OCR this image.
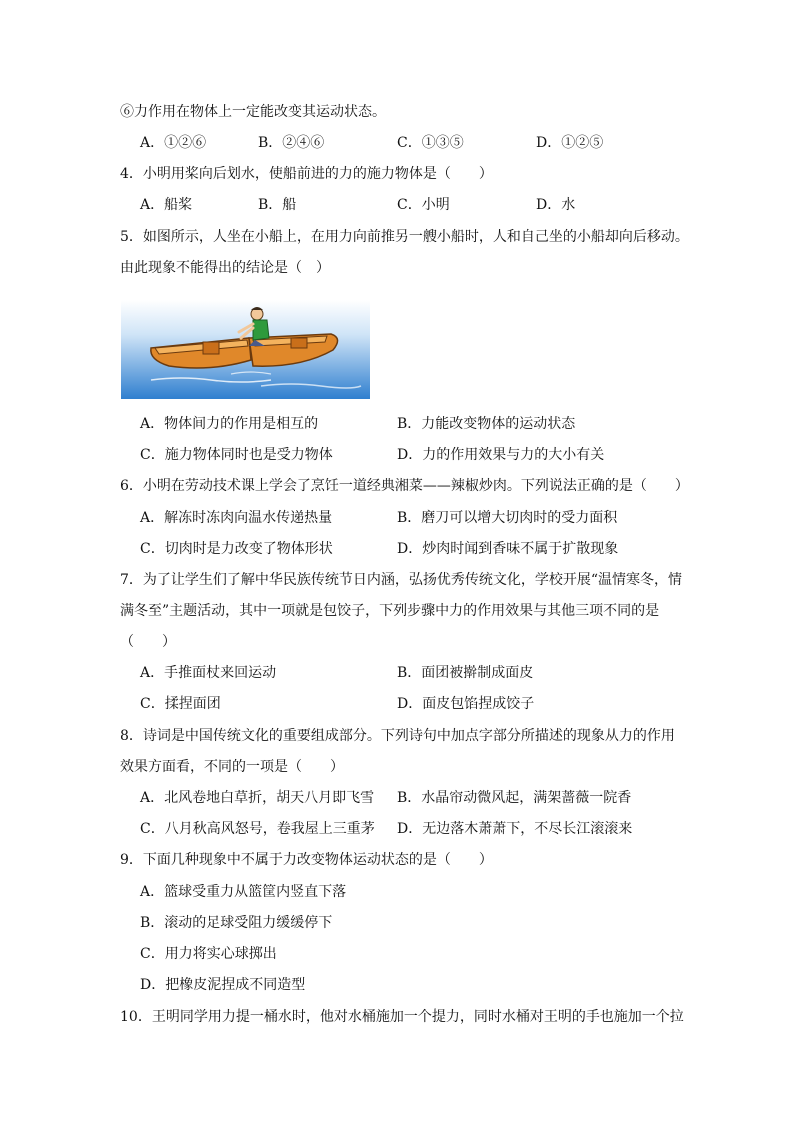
⑥力作用在物体上一定能改变其运动状态。
A．①②⑥	B．②④⑥	C．①③⑤	D．①②⑤
4．小明用桨向后划水，使船前进的力的施力物体是（　　）
A．船桨	B．船	C．小明	D．水
5．如图所示，人坐在小船上，在用力向前推另一艘小船时，人和自己坐的小船却向后移动。
由此现象不能得出的结论是（　）
A．物体间力的作用是相互的	B．力能改变物体的运动状态
C．施力物体同时也是受力物体	D．力的作用效果与力的大小有关
6．小明在劳动技术课上学会了烹饪一道经典湘菜——辣椒炒肉。下列说法正确的是（　　）
A．解冻时冻肉向温水传递热量	B．磨刀可以增大切肉时的受力面积
C．切肉时是力改变了物体形状	D．炒肉时闻到香味不属于扩散现象
7．为了让学生们了解中华民族传统节日内涵，弘扬优秀传统文化，学校开展“温情寒冬，情
满冬至”主题活动，其中一项就是包饺子，下列步骤中力的作用效果与其他三项不同的是
（　　）
A．手推面杖来回运动	B．面团被擀制成面皮
C．揉捏面团	D．面皮包馅捏成饺子
8．诗词是中国传统文化的重要组成部分。下列诗句中加点字部分所描述的现象从力的作用
效果方面看，不同的一项是（　　）
A．北风卷地白草折，胡天八月即飞雪 B．水晶帘动微风起，满架蔷薇一院香
C．八月秋高风怒号，卷我屋上三重茅 D．无边落木萧萧下，不尽长江滚滚来
9．下面几种现象中不属于力改变物体运动状态的是（　　）
A．篮球受重力从篮筐内竖直下落
B．滚动的足球受阻力缓缓停下
C．用力将实心球掷出
D．把橡皮泥捏成不同造型
10．王明同学用力提一桶水时，他对水桶施加一个提力，同时水桶对王明的手也施加一个拉
